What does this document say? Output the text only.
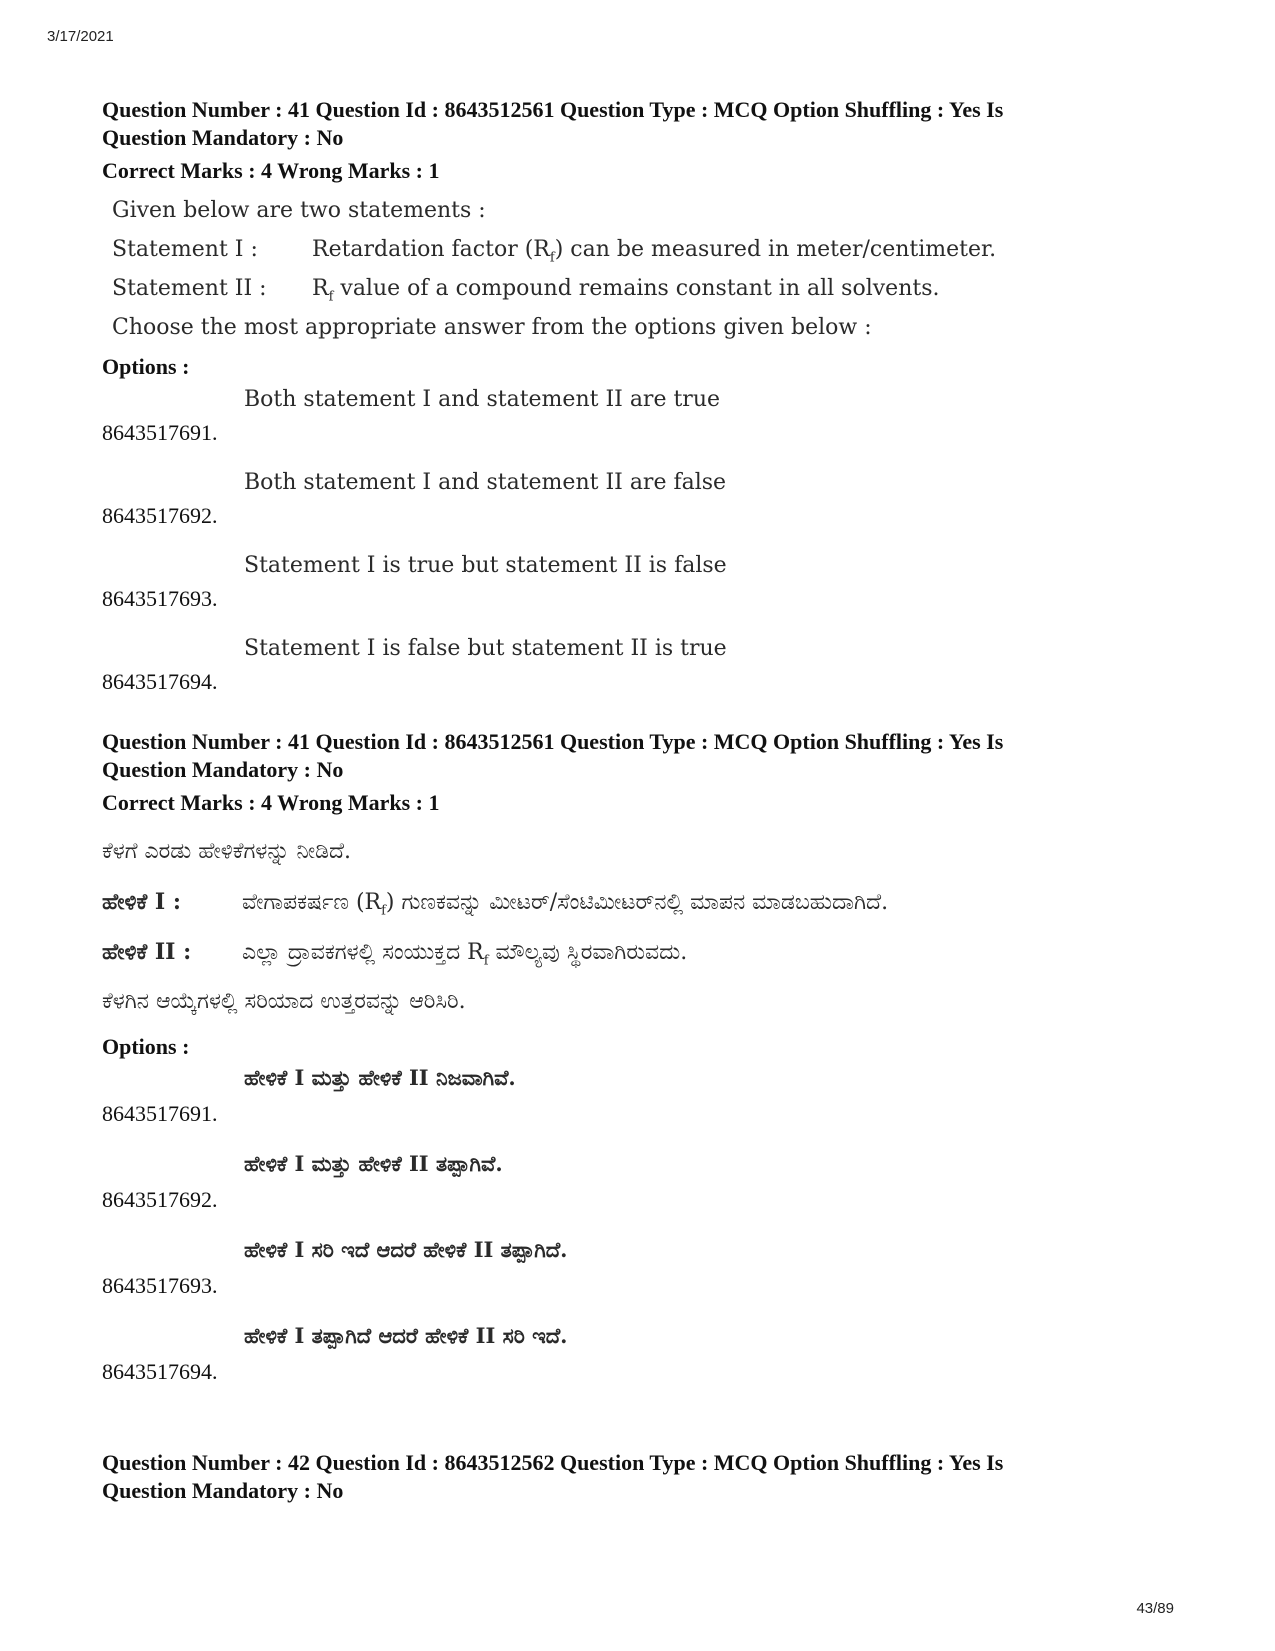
3/17/2021
Question Number : 41 Question Id : 8643512561 Question Type : MCQ Option Shuffling : Yes Is
Question Mandatory : No
Correct Marks : 4 Wrong Marks : 1
Given below are two statements :
Statement I : Retardation factor $(R_f)$ can be measured in meter/centimeter.
Statement II : $R_f$ value of a compound remains constant in all solvents.
Choose the most appropriate answer from the options given below :
Options :
8643517691.
Both statement I and statement II are true
8643517692.
Both statement I and statement II are false
8643517693.
Statement I is true but statement II is false
8643517694.
Statement I is false but statement II is true
Question Number : 41 Question Id : 8643512561 Question Type : MCQ Option Shuffling : Yes Is
Question Mandatory : No
Correct Marks : 4 Wrong Marks : 1
ಕೆಳಗೆ ಎರಡು ಹೇಳಿಕೆಗಳನ್ನು ನೀಡಿದೆ.
ಹೇಳಿಕೆ I :	ವೇಗಾಪಕರ್ಷಣ $(R_f)$ ಗುಣಕವನ್ನು ಮೀಟರ್/ಸೆಂಟಿಮೀಟರ್‌ನಲ್ಲಿ ಮಾಪನ ಮಾಡಬಹುದಾಗಿದೆ.
ಹೇಳಿಕೆ II : ಎಲ್ಲಾ ದ್ರಾವಕಗಳಲ್ಲಿ ಸಂಯುಕ್ತದ $R_f$ ಮೌಲ್ಯವು ಸ್ಥಿರವಾಗಿರುವದು.
ಕೆಳಗಿನ ಆಯ್ಕೆಗಳಲ್ಲಿ ಸರಿಯಾದ ಉತ್ತರವನ್ನು ಆರಿಸಿರಿ.
Options :
8643517691.
ಹೇಳಿಕೆ I ಮತ್ತು ಹೇಳಿಕೆ II ನಿಜವಾಗಿವೆ.
8643517692.
ಹೇಳಿಕೆ I ಮತ್ತು ಹೇಳಿಕೆ II ತಪ್ಪಾಗಿವೆ.
8643517693.
ಹೇಳಿಕೆ I ಸರಿ ಇದೆ ಆದರೆ ಹೇಳಿಕೆ II ತಪ್ಪಾಗಿದೆ.
8643517694.
ಹೇಳಿಕೆ I ತಪ್ಪಾಗಿದೆ ಆದರೆ ಹೇಳಿಕೆ II ಸರಿ ಇದೆ.
Question Number : 42 Question Id : 8643512562 Question Type : MCQ Option Shuffling : Yes Is
Question Mandatory : No
43/89
